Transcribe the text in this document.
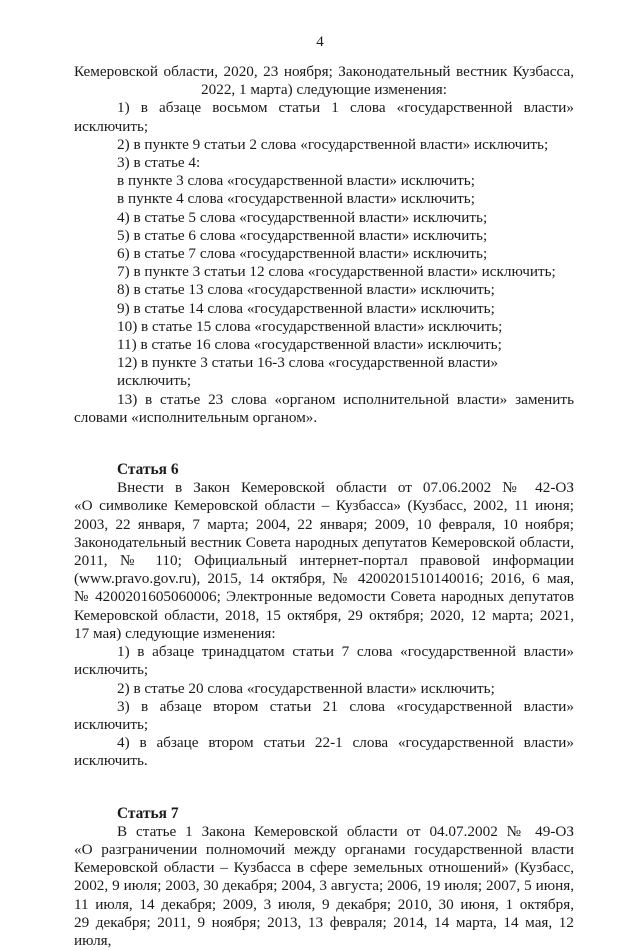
4

Кемеровской области, 2020, 23 ноября; Законодательный вестник Кузбасса,

2022, 1 марта) следующие изменения:

1) в абзаце восьмом статьи 1 слова «государственной власти»

исключить;

2) в пункте 9 статьи 2 слова «государственной власти» исключить;

3) в статье 4:

в пункте 3 слова «государственной власти» исключить;

в пункте 4 слова «государственной власти» исключить;

4) в статье 5 слова «государственной власти» исключить;

5) в статье 6 слова «государственной власти» исключить;

6) в статье 7 слова «государственной власти» исключить;

7) в пункте 3 статьи 12 слова «государственной власти» исключить;

8) в статье 13 слова «государственной власти» исключить;

9) в статье 14 слова «государственной власти» исключить;

10) в статье 15 слова «государственной власти» исключить;

11) в статье 16 слова «государственной власти» исключить;

12) в пункте 3 статьи 16-3 слова «государственной власти» исключить;

13) в статье 23 слова «органом исполнительной власти» заменить

словами «исполнительным органом».

Статья 6

Внести в Закон Кемеровской области от 07.06.2002 № 42-ОЗ

«О символике Кемеровской области – Кузбасса» (Кузбасс, 2002, 11 июня;

2003, 22 января, 7 марта; 2004, 22 января; 2009, 10 февраля, 10 ноября;

Законодательный вестник Совета народных депутатов Кемеровской области,

2011, № 110; Официальный интернет-портал правовой информации

(www.pravo.gov.ru), 2015, 14 октября, № 4200201510140016; 2016, 6 мая,

№ 4200201605060006; Электронные ведомости Совета народных депутатов

Кемеровской области, 2018, 15 октября, 29 октября; 2020, 12 марта; 2021,

17 мая) следующие изменения:

1) в абзаце тринадцатом статьи 7 слова «государственной власти»

исключить;

2) в статье 20 слова «государственной власти» исключить;

3) в абзаце втором статьи 21 слова «государственной власти»

исключить;

4) в абзаце втором статьи 22-1 слова «государственной власти»

исключить.

Статья 7

В статье 1 Закона Кемеровской области от 04.07.2002 № 49-ОЗ

«О разграничении полномочий между органами государственной власти

Кемеровской области – Кузбасса в сфере земельных отношений» (Кузбасс,

2002, 9 июля; 2003, 30 декабря; 2004, 3 августа; 2006, 19 июля; 2007, 5 июня,

11 июля, 14 декабря; 2009, 3 июля, 9 декабря; 2010, 30 июня, 1 октября,

29 декабря; 2011, 9 ноября; 2013, 13 февраля; 2014, 14 марта, 14 мая, 12 июля,
